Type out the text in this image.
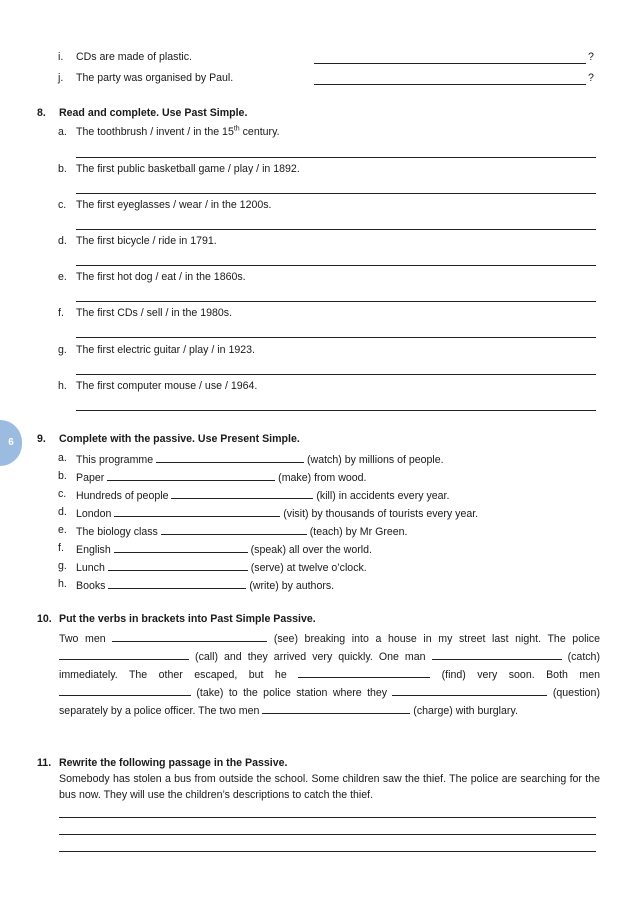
6
i. CDs are made of plastic.	?
j. The party was organised by Paul.	?
8. Read and complete. Use Past Simple.
a. The toothbrush / invent / in the 15th century.
b. The first public basketball game / play / in 1892.
c. The first eyeglasses / wear / in the 1200s.
d. The first bicycle / ride in 1791.
e. The first hot dog / eat / in the 1860s.
f. The first CDs / sell / in the 1980s.
g. The first electric guitar / play / in 1923.
h. The first computer mouse / use / 1964.
9. Complete with the passive. Use Present Simple.
a. This programme	(watch) by millions of people.
b. Paper	(make) from wood.
c. Hundreds of people	(kill) in accidents every year.
d. London	(visit) by thousands of tourists every year.
e. The biology class	(teach) by Mr Green.
f. English	(speak) all over the world.
g. Lunch	(serve) at twelve o’clock.
h. Books	(write) by authors.
10. Put the verbs in brackets into Past Simple Passive.
Two men	(see) breaking into a house in my street last night. The police  (call) and they arrived very quickly. One man	(catch) immediately. The other escaped, but he	(find) very soon. Both men  (take) to the police station where they	(question) separately by a police officer. The two men	(charge) with burglary.
11. Rewrite the following passage in the Passive.
Somebody has stolen a bus from outside the school. Some children saw the thief. The police are searching for the bus now. They will use the children’s descriptions to catch the thief.
